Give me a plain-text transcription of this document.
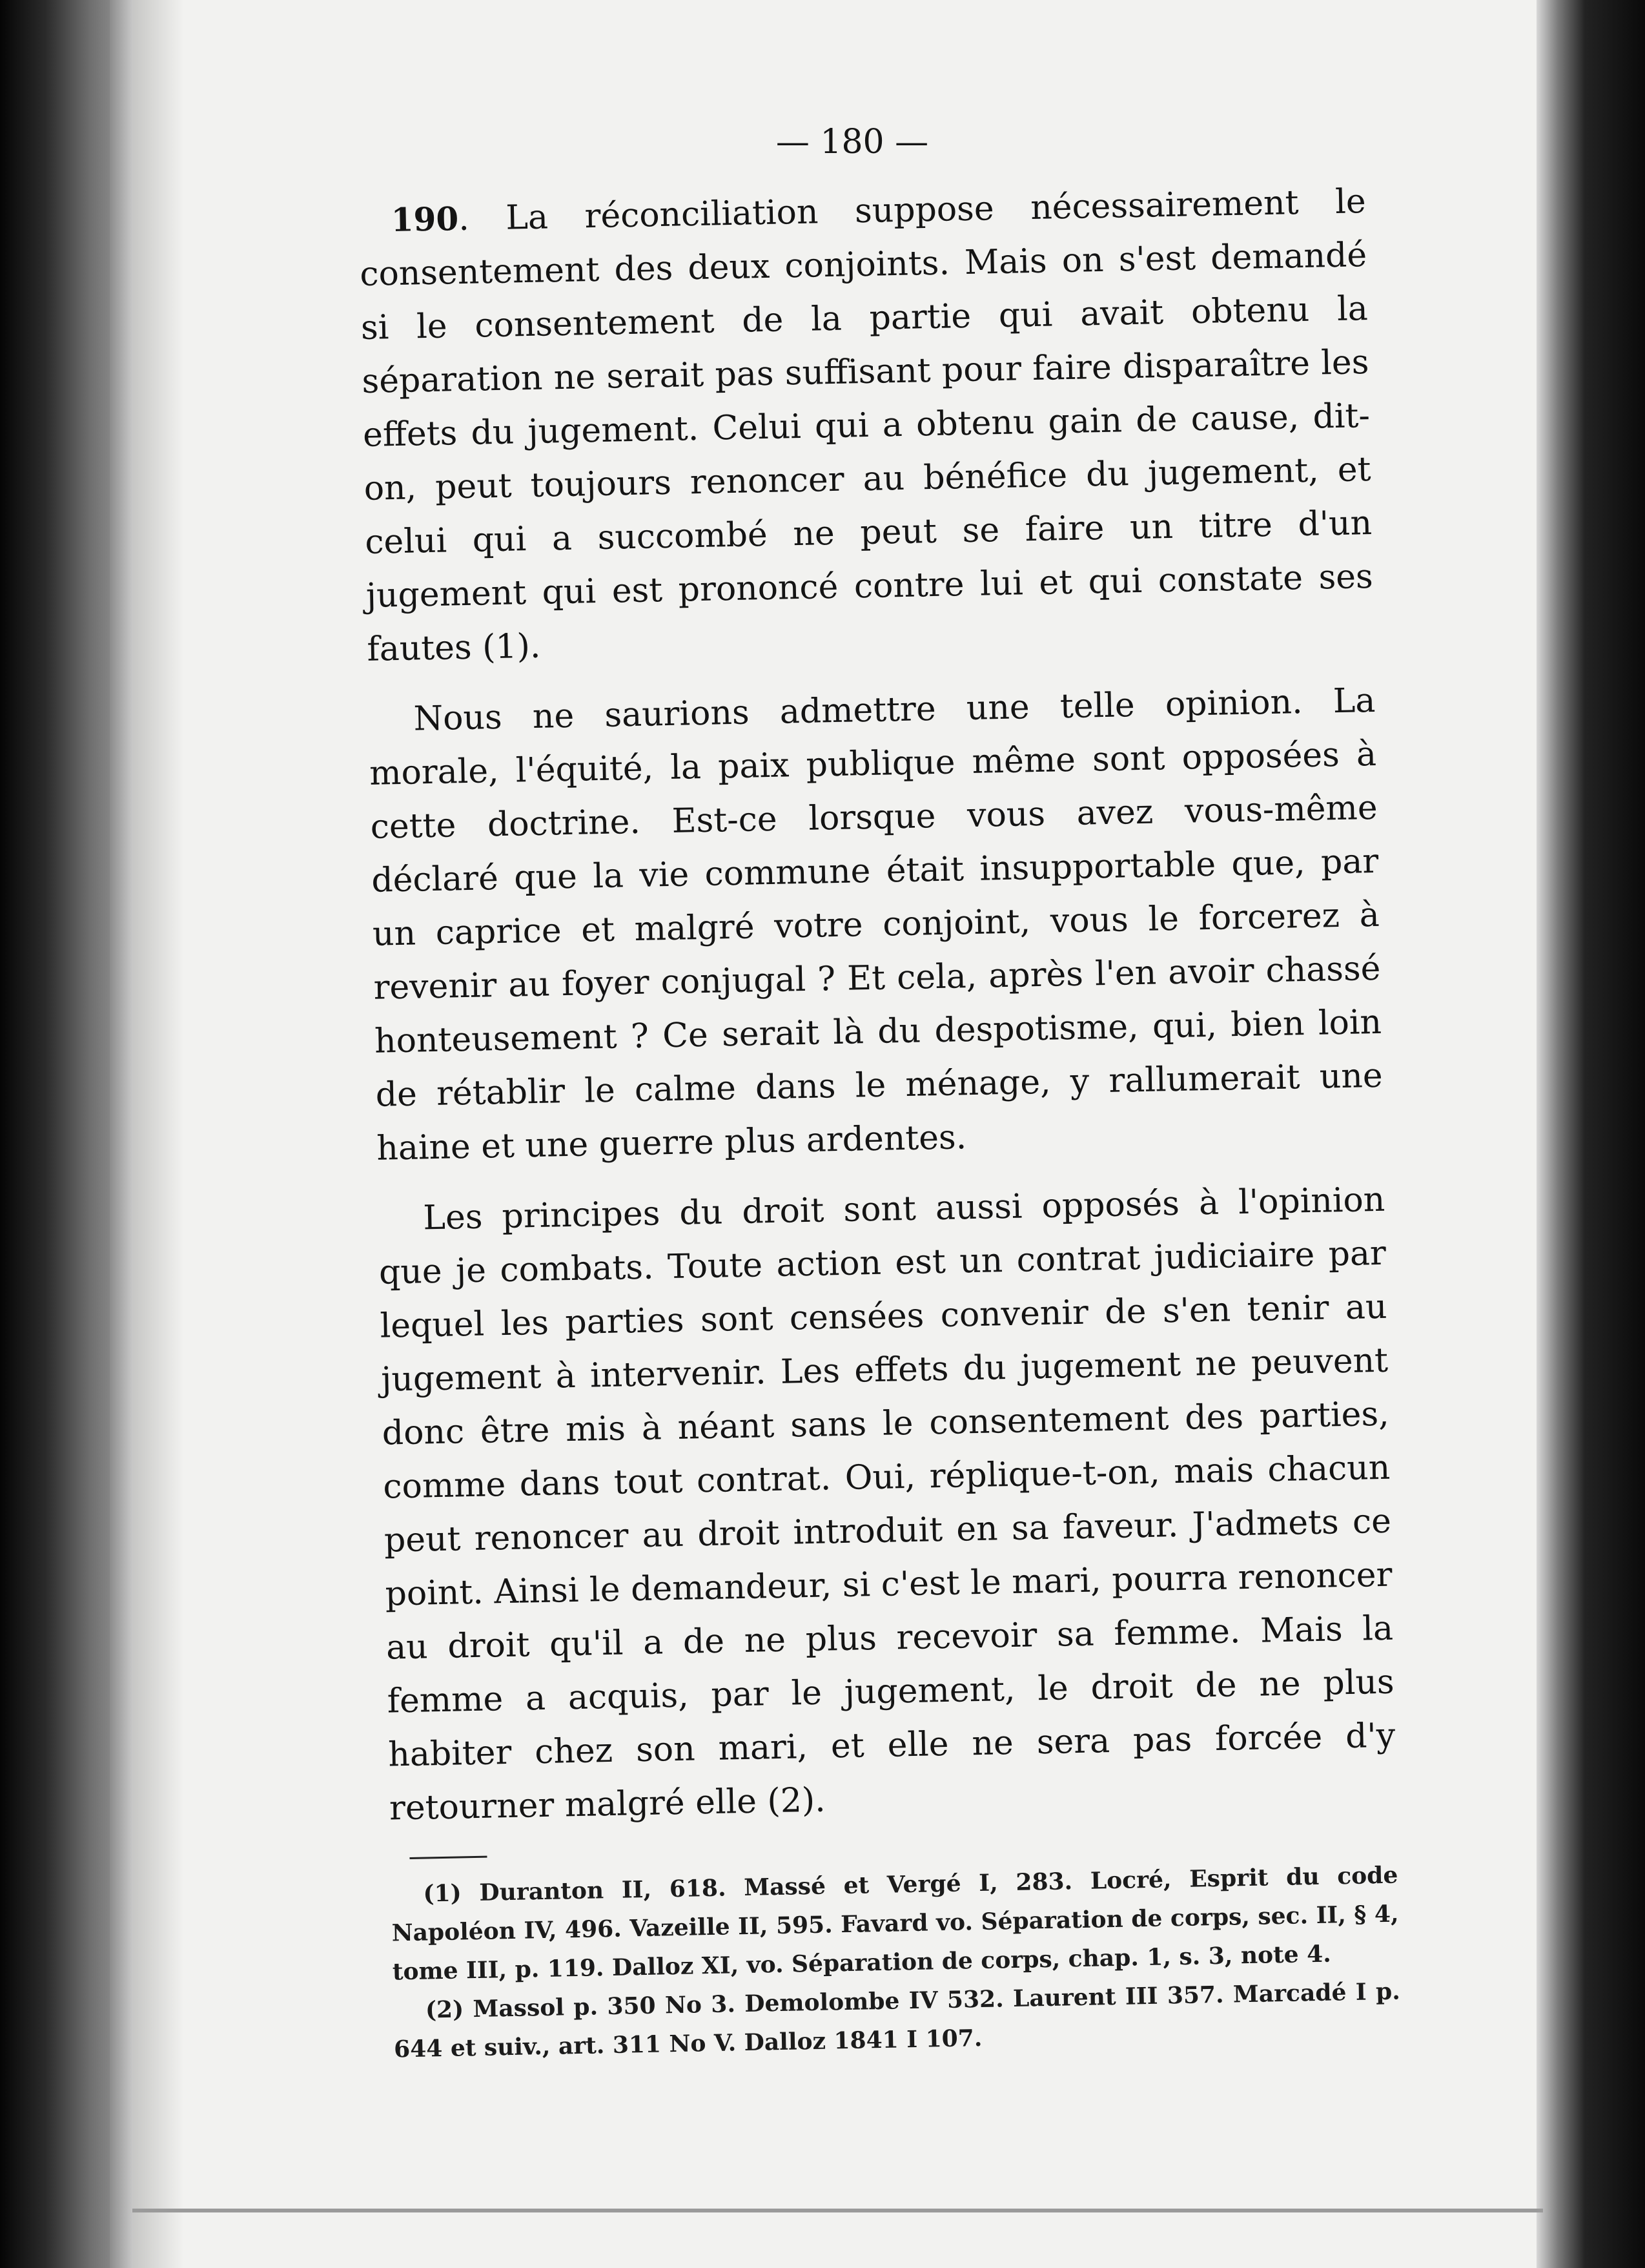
— 180 —

190. La réconciliation suppose nécessairement le consentement des deux conjoints. Mais on s'est demandé si le consentement de la partie qui avait obtenu la séparation ne serait pas suffisant pour faire disparaître les effets du jugement. Celui qui a obtenu gain de cause, dit-on, peut toujours renoncer au bénéfice du jugement, et celui qui a succombé ne peut se faire un titre d'un jugement qui est prononcé contre lui et qui constate ses fautes (1).

Nous ne saurions admettre une telle opinion. La morale, l'équité, la paix publique même sont opposées à cette doctrine. Est-ce lorsque vous avez vous-même déclaré que la vie commune était insupportable que, par un caprice et malgré votre conjoint, vous le forcerez à revenir au foyer conjugal ? Et cela, après l'en avoir chassé honteusement ? Ce serait là du despotisme, qui, bien loin de rétablir le calme dans le ménage, y rallumerait une haine et une guerre plus ardentes.

Les principes du droit sont aussi opposés à l'opinion que je combats. Toute action est un contrat judiciaire par lequel les parties sont censées convenir de s'en tenir au jugement à intervenir. Les effets du jugement ne peuvent donc être mis à néant sans le consentement des parties, comme dans tout contrat. Oui, réplique-t-on, mais chacun peut renoncer au droit introduit en sa faveur. J'admets ce point. Ainsi le demandeur, si c'est le mari, pourra renoncer au droit qu'il a de ne plus recevoir sa femme. Mais la femme a acquis, par le jugement, le droit de ne plus habiter chez son mari, et elle ne sera pas forcée d'y retourner malgré elle (2).

(1) Duranton II, 618. Massé et Vergé I, 283. Locré, Esprit du code Napoléon IV, 496. Vazeille II, 595. Favard vo. Séparation de corps, sec. II, § 4, tome III, p. 119. Dalloz XI, vo. Séparation de corps, chap. 1, s. 3, note 4.

(2) Massol p. 350 No 3. Demolombe IV 532. Laurent III 357. Marcadé I p. 644 et suiv., art. 311 No V. Dalloz 1841 I 107.
